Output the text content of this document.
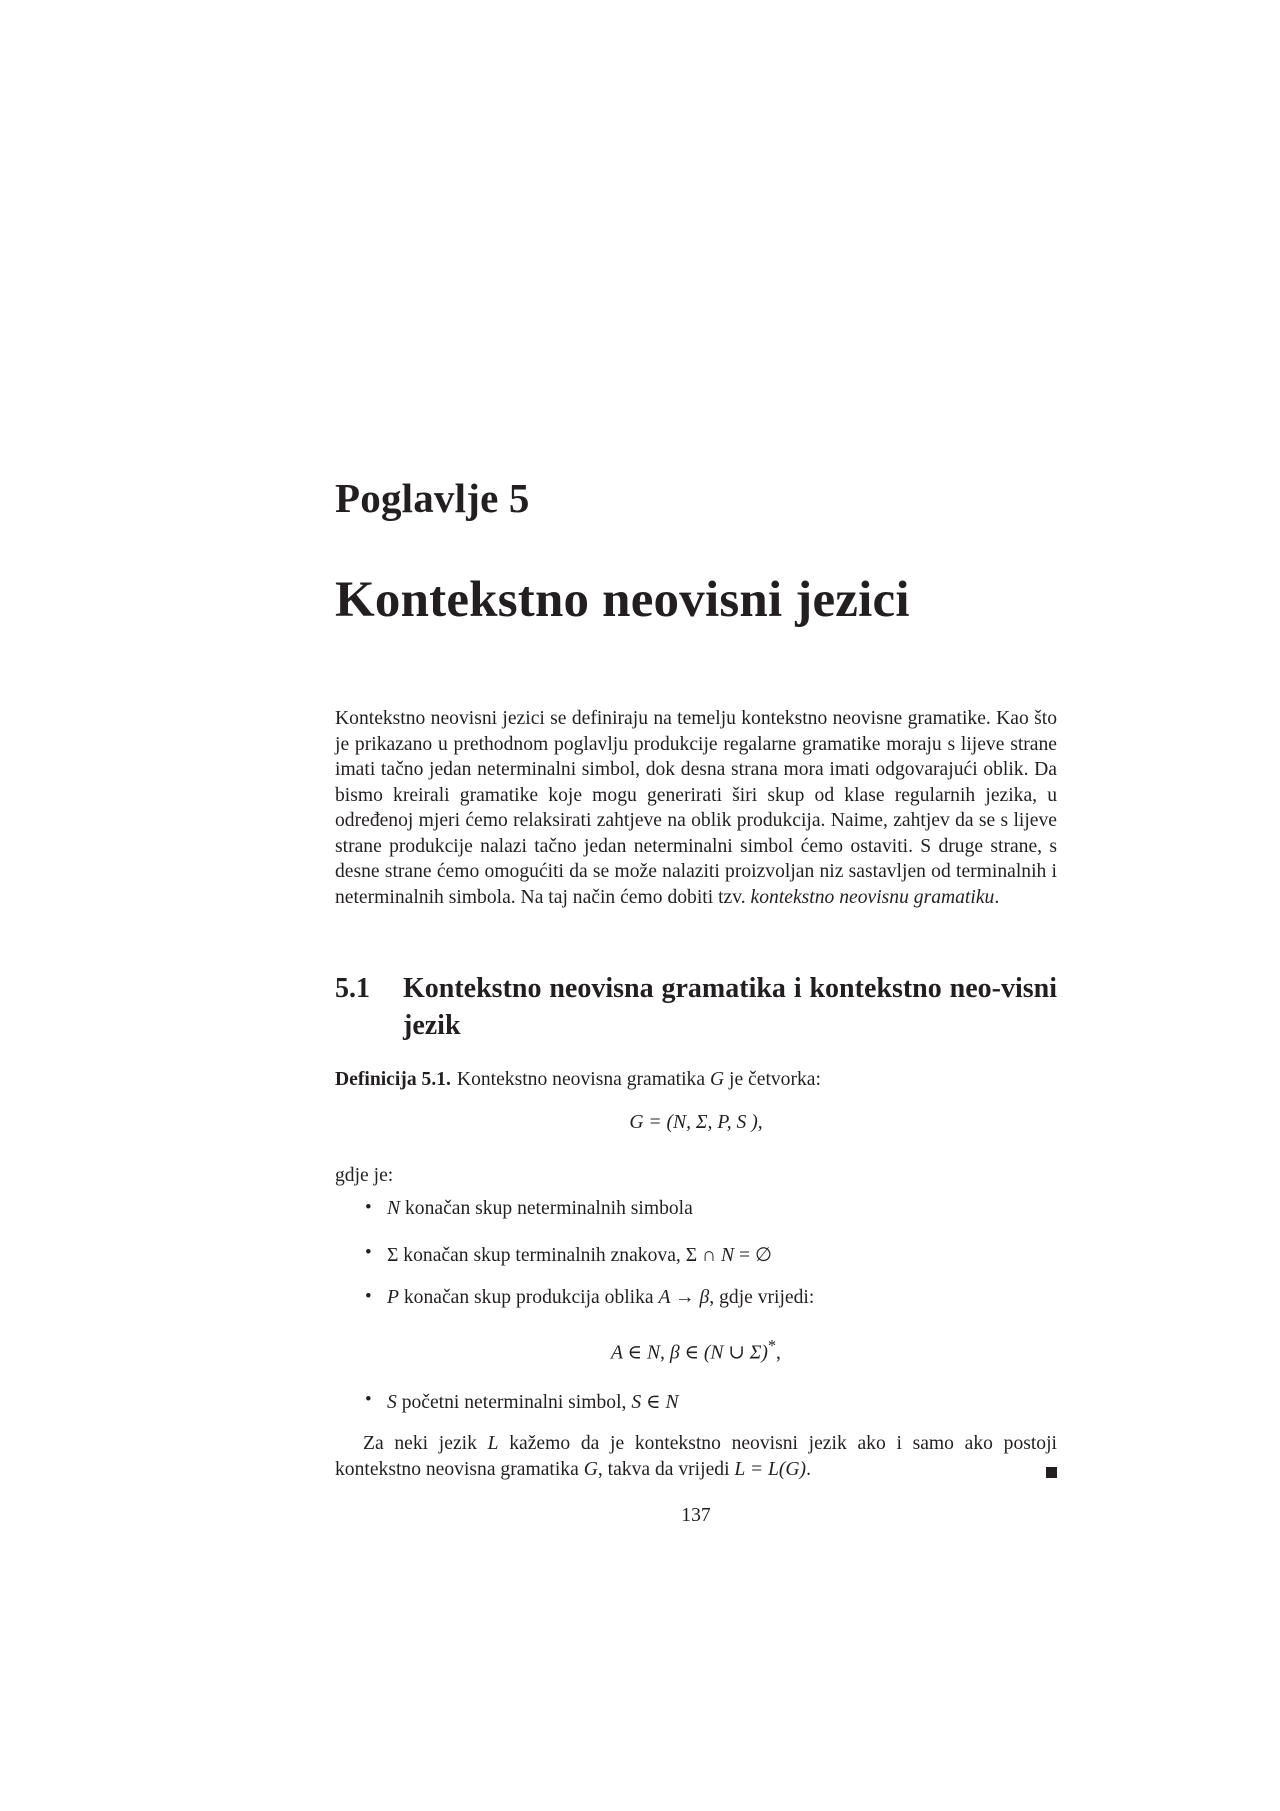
Poglavlje 5
Kontekstno neovisni jezici

Kontekstno neovisni jezici se definiraju na temelju kontekstno neovisne gramatike. Kao što je prikazano u prethodnom poglavlju produkcije regalarne gramatike moraju s lijeve strane imati tačno jedan neterminalni simbol, dok desna strana mora imati odgovarajući oblik. Da bismo kreirali gramatike koje mogu generirati širi skup od klase regularnih jezika, u određenoj mjeri ćemo relaksirati zahtjeve na oblik produkcija. Naime, zahtjev da se s lijeve strane produkcije nalazi tačno jedan neterminalni simbol ćemo ostaviti. S druge strane, s desne strane ćemo omogućiti da se može nalaziti proizvoljan niz sastavljen od terminalnih i neterminalnih simbola. Na taj način ćemo dobiti tzv. kontekstno neovisnu gramatiku.

5.1 Kontekstno neovisna gramatika i kontekstno neo-visni jezik

Definicija 5.1. Kontekstno neovisna gramatika G je četvorka:

G = (N, Σ, P, S ),

gdje je:

• N konačan skup neterminalnih simbola
• Σ konačan skup terminalnih znakova, Σ ∩ N = ∅
• P konačan skup produkcija oblika A → β, gdje vrijedi:
• S početni neterminalni simbol, S ∈ N

A ∈ N, β ∈ (N ∪ Σ)*,

Za neki jezik L kažemo da je kontekstno neovisni jezik ako i samo ako postoji kontekstno neovisna gramatika G, takva da vrijedi L = L(G).

137
